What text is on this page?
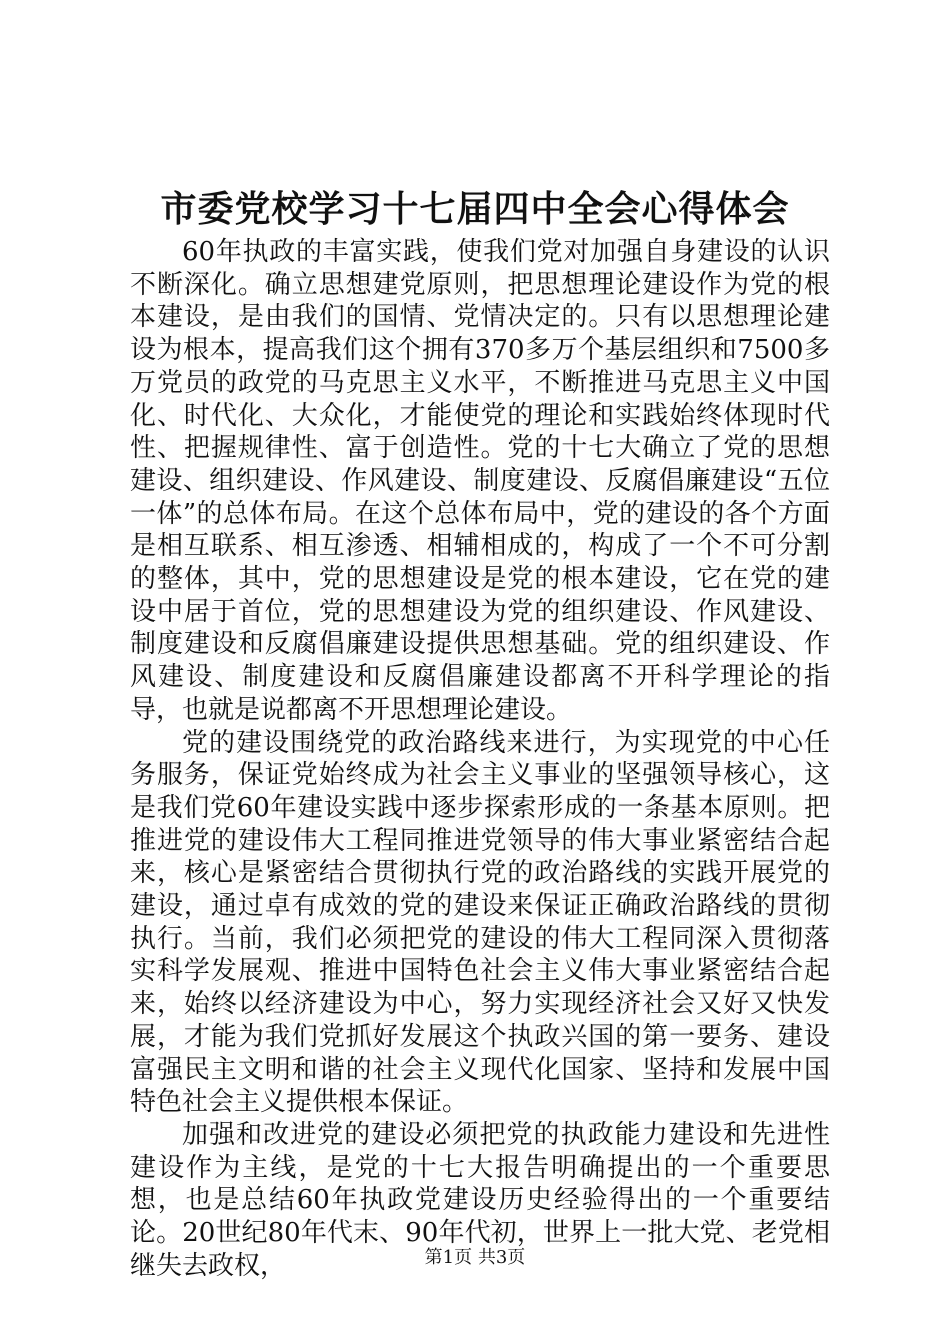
市委党校学习十七届四中全会心得体会

60年执政的丰富实践，使我们党对加强自身建设的认识不断深化。确立思想建党原则，把思想理论建设作为党的根本建设，是由我们的国情、党情决定的。只有以思想理论建设为根本，提高我们这个拥有370多万个基层组织和7500多万党员的政党的马克思主义水平，不断推进马克思主义中国化、时代化、大众化，才能使党的理论和实践始终体现时代性、把握规律性、富于创造性。党的十七大确立了党的思想建设、组织建设、作风建设、制度建设、反腐倡廉建设“五位一体”的总体布局。在这个总体布局中，党的建设的各个方面是相互联系、相互渗透、相辅相成的，构成了一个不可分割的整体，其中，党的思想建设是党的根本建设，它在党的建设中居于首位，党的思想建设为党的组织建设、作风建设、制度建设和反腐倡廉建设提供思想基础。党的组织建设、作风建设、制度建设和反腐倡廉建设都离不开科学理论的指导，也就是说都离不开思想理论建设。

党的建设围绕党的政治路线来进行，为实现党的中心任务服务，保证党始终成为社会主义事业的坚强领导核心，这是我们党60年建设实践中逐步探索形成的一条基本原则。把推进党的建设伟大工程同推进党领导的伟大事业紧密结合起来，核心是紧密结合贯彻执行党的政治路线的实践开展党的建设，通过卓有成效的党的建设来保证正确政治路线的贯彻执行。当前，我们必须把党的建设的伟大工程同深入贯彻落实科学发展观、推进中国特色社会主义伟大事业紧密结合起来，始终以经济建设为中心，努力实现经济社会又好又快发展，才能为我们党抓好发展这个执政兴国的第一要务、建设富强民主文明和谐的社会主义现代化国家、坚持和发展中国特色社会主义提供根本保证。

加强和改进党的建设必须把党的执政能力建设和先进性建设作为主线，是党的十七大报告明确提出的一个重要思想，也是总结60年执政党建设历史经验得出的一个重要结论。20世纪80年代末、90年代初，世界上一批大党、老党相继失去政权，	第1页 共3页
